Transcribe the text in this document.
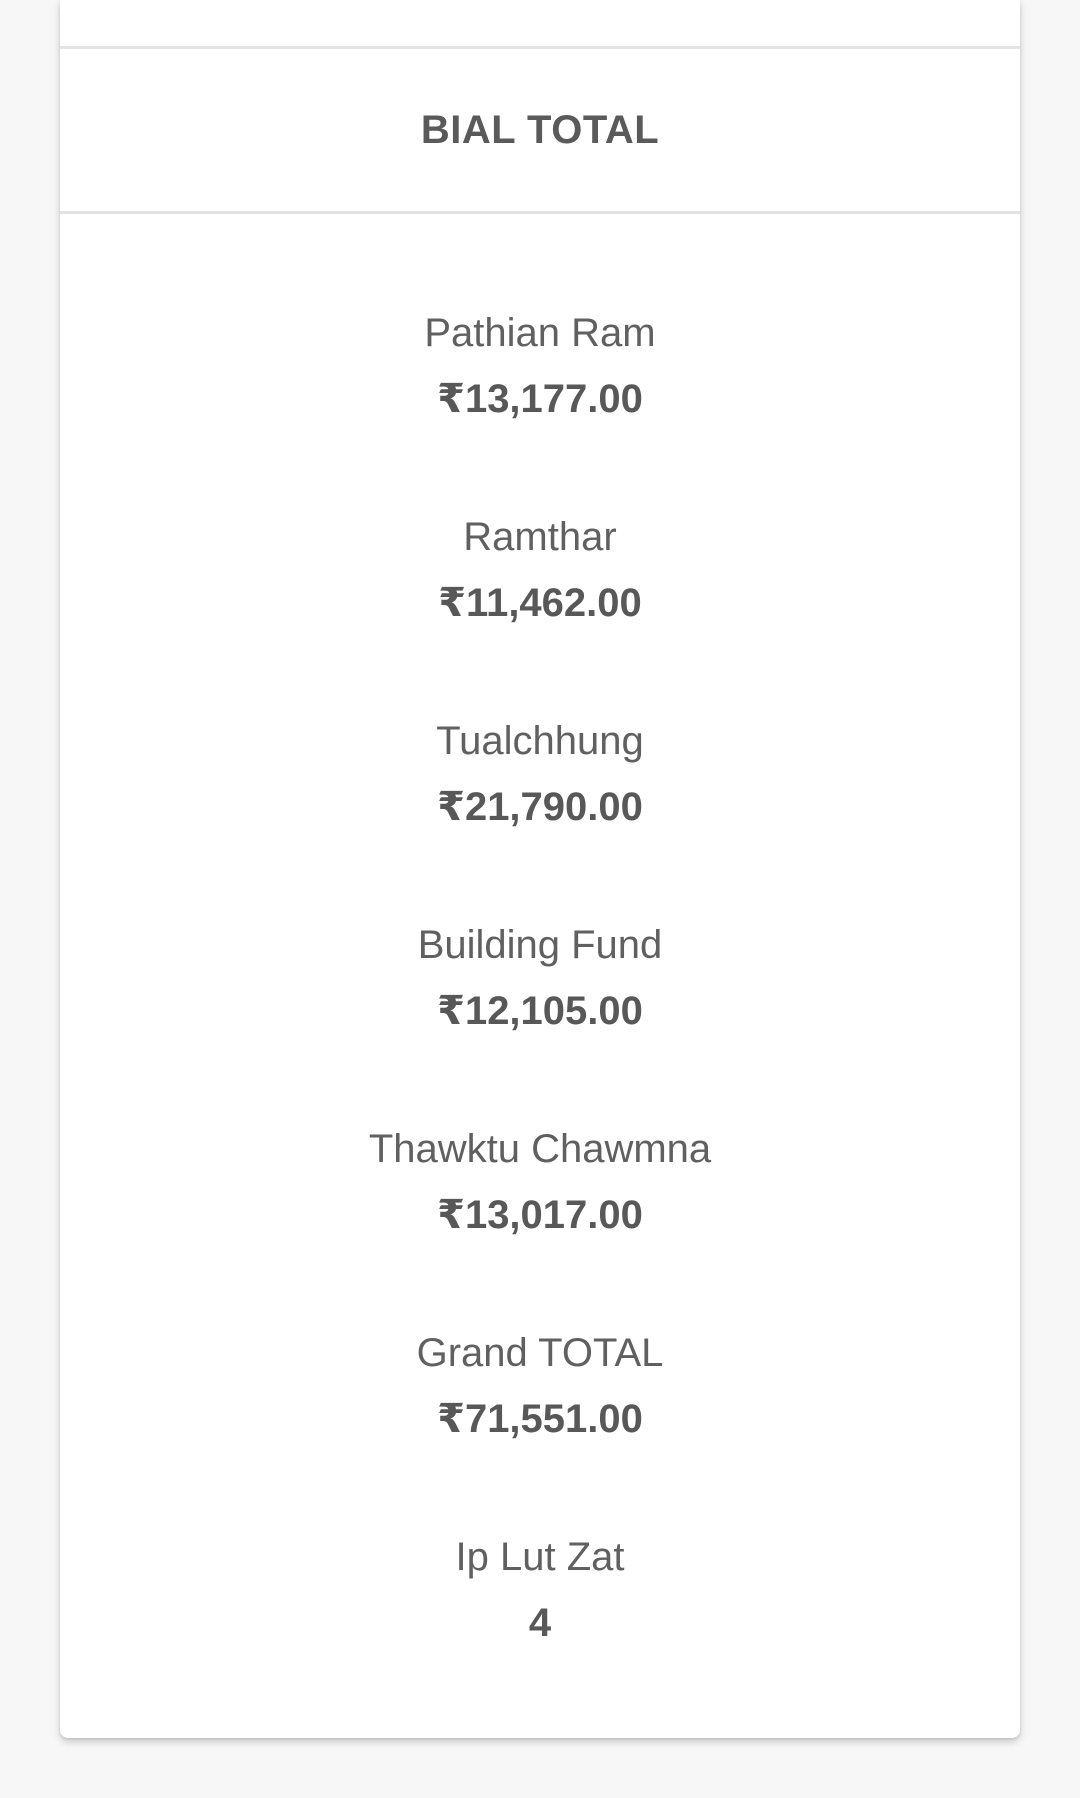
BIAL TOTAL
Pathian Ram
₹13,177.00
Ramthar
₹11,462.00
Tualchhung
₹21,790.00
Building Fund
₹12,105.00
Thawktu Chawmna
₹13,017.00
Grand TOTAL
₹71,551.00
Ip Lut Zat
4
